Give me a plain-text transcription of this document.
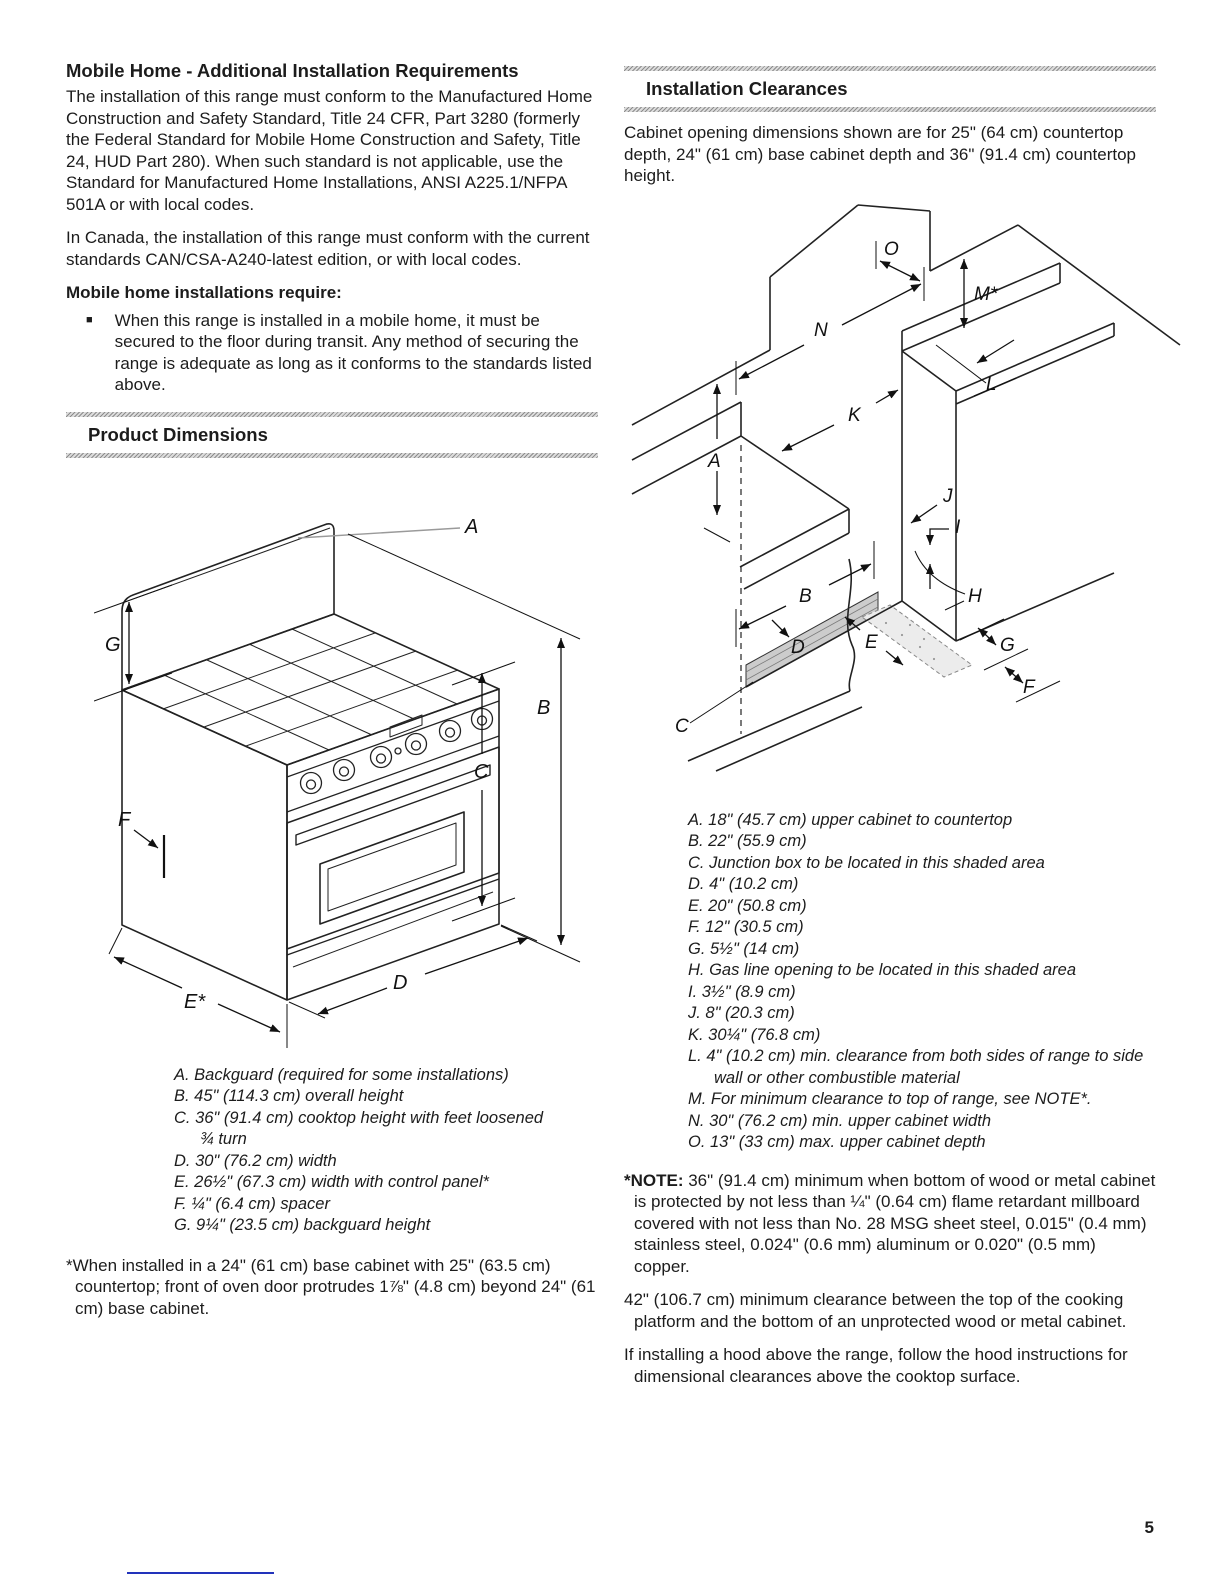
Mobile Home - Additional Installation Requirements

The installation of this range must conform to the Manufactured Home Construction and Safety Standard, Title 24 CFR, Part 3280 (formerly the Federal Standard for Mobile Home Construction and Safety, Title 24, HUD Part 280). When such standard is not applicable, use the Standard for Manufactured Home Installations, ANSI A225.1/NFPA 501A or with local codes.

In Canada, the installation of this range must conform with the current standards CAN/CSA-A240-latest edition, or with local codes.

Mobile home installations require:

■ When this range is installed in a mobile home, it must be secured to the floor during transit. Any method of securing the range is adequate as long as it conforms to the standards listed above.

Product Dimensions
A
B
C
D
E*
F
G
A. Backguard (required for some installations)
B. 45" (114.3 cm) overall height
C. 36" (91.4 cm) cooktop height with feet loosened ¾ turn
D. 30" (76.2 cm) width
E. 26½" (67.3 cm) width with control panel*
F. ¼" (6.4 cm) spacer
G. 9¼" (23.5 cm) backguard height

*When installed in a 24" (61 cm) base cabinet with 25" (63.5 cm) countertop; front of oven door protrudes 1⅞" (4.8 cm) beyond 24" (61 cm) base cabinet.

Installation Clearances

Cabinet opening dimensions shown are for 25" (64 cm) countertop depth, 24" (61 cm) base cabinet depth and 36" (91.4 cm) countertop height.

A
B
C
D	E
F
G
H
I
J
K
L
M*
N
O
A. 18" (45.7 cm) upper cabinet to countertop
B. 22" (55.9 cm)
C. Junction box to be located in this shaded area
D. 4" (10.2 cm)
E. 20" (50.8 cm)
F. 12" (30.5 cm)
G. 5½" (14 cm)
H. Gas line opening to be located in this shaded area
I. 3½" (8.9 cm)
J. 8" (20.3 cm)
K. 30¼" (76.8 cm)
L. 4" (10.2 cm) min. clearance from both sides of range to side wall or other combustible material
M. For minimum clearance to top of range, see NOTE*.
N. 30" (76.2 cm) min. upper cabinet width
O. 13" (33 cm) max. upper cabinet depth

*NOTE: 36" (91.4 cm) minimum when bottom of wood or metal cabinet is protected by not less than ¼" (0.64 cm) flame retardant millboard covered with not less than No. 28 MSG sheet steel, 0.015" (0.4 mm) stainless steel, 0.024" (0.6 mm) aluminum or 0.020" (0.5 mm) copper.

42" (106.7 cm) minimum clearance between the top of the cooking platform and the bottom of an unprotected wood or metal cabinet.

If installing a hood above the range, follow the hood instructions for dimensional clearances above the cooktop surface.

5
